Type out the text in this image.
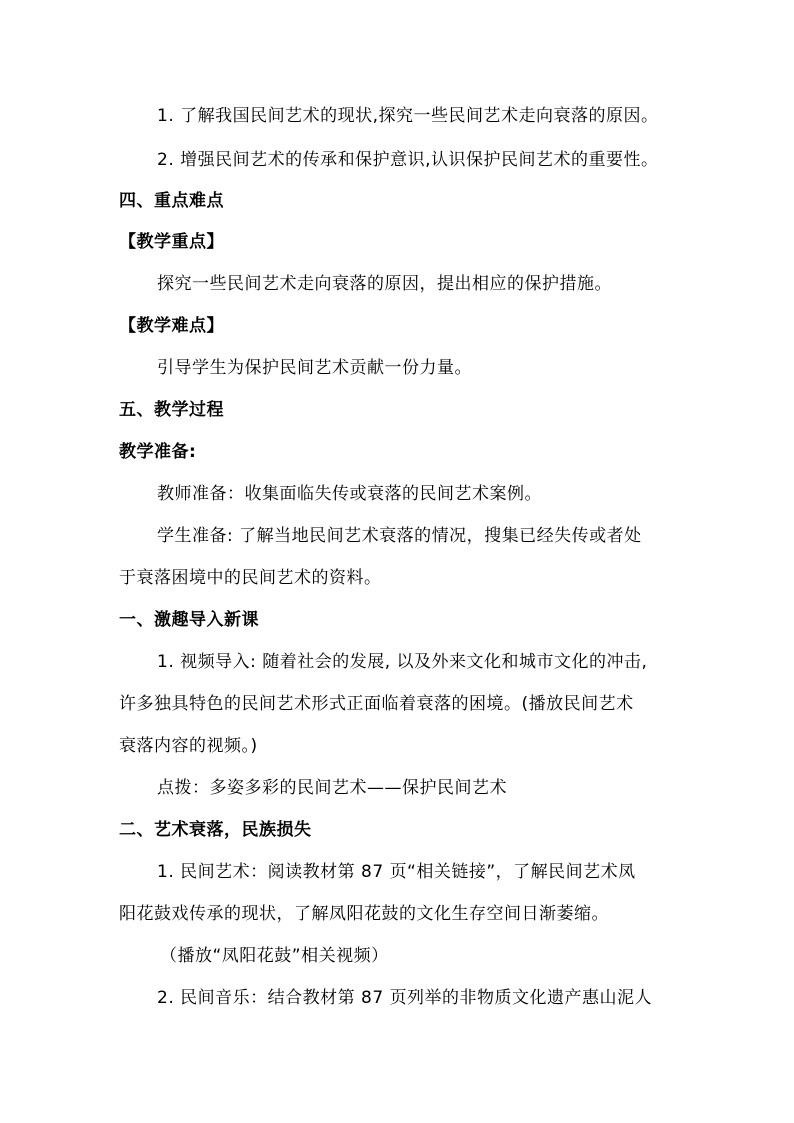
1. 了解我国民间艺术的现状,探究一些民间艺术走向衰落的原因。
2. 增强民间艺术的传承和保护意识,认识保护民间艺术的重要性。
四、重点难点
【教学重点】
探究一些民间艺术走向衰落的原因，提出相应的保护措施。
【教学难点】
引导学生为保护民间艺术贡献一份力量。
五、教学过程
教学准备:
教师准备：收集面临失传或衰落的民间艺术案例。
学生准备: 了解当地民间艺术衰落的情况，搜集已经失传或者处
于衰落困境中的民间艺术的资料。
一、激趣导入新课
1. 视频导入: 随着社会的发展, 以及外来文化和城市文化的冲击,
许多独具特色的民间艺术形式正面临着衰落的困境。(播放民间艺术
衰落内容的视频。)
点拨：多姿多彩的民间艺术——保护民间艺术
二、艺术衰落，民族损失
1. 民间艺术：阅读教材第 87 页“相关链接”，了解民间艺术凤
阳花鼓戏传承的现状，了解凤阳花鼓的文化生存空间日渐萎缩。
（播放“凤阳花鼓”相关视频）
2. 民间音乐：结合教材第 87 页列举的非物质文化遗产惠山泥人
